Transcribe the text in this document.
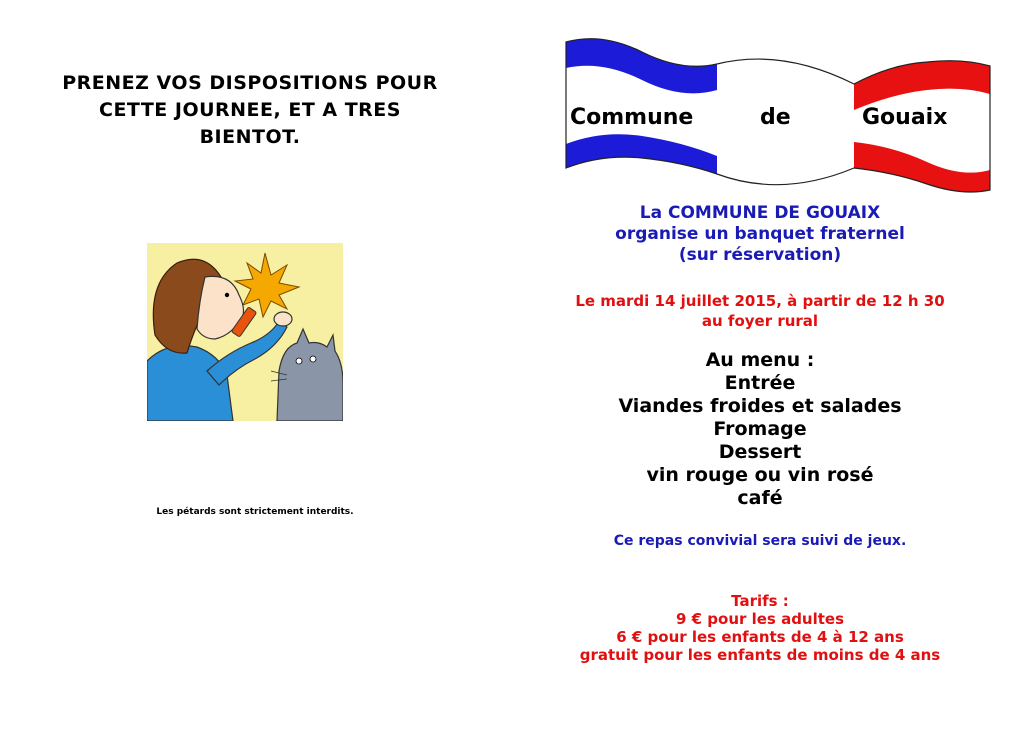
PRENEZ VOS DISPOSITIONS POUR
CETTE JOURNEE, ET A TRES
BIENTOT.
Les pétards sont strictement interdits.
Commune	de	Gouaix
La COMMUNE DE GOUAIX
organise un banquet fraternel
(sur réservation)
Le mardi 14 juillet 2015, à partir de 12 h 30
au foyer rural
Au menu :
Entrée
Viandes froides et salades
Fromage
Dessert
vin rouge ou vin rosé
café
Ce repas convivial sera suivi de jeux.
Tarifs :
9 € pour les adultes
6 € pour les enfants de 4 à 12 ans
gratuit pour les enfants de moins de 4 ans
